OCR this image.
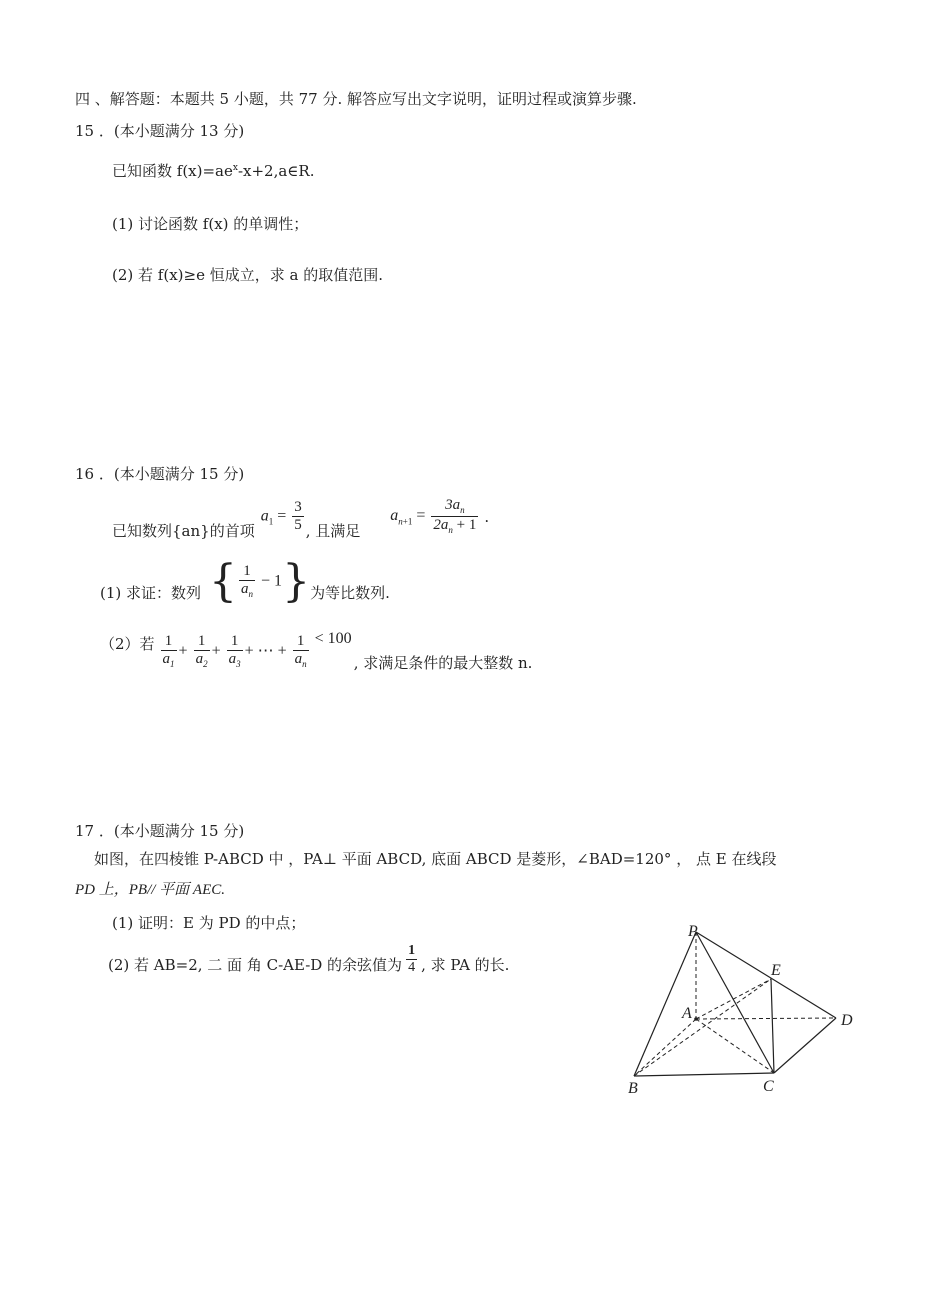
四 、解答题：本题共 5 小题，共 77 分. 解答应写出文字说明，证明过程或演算步骤.
15 ．(本小题满分 13 分)
已知函数 $f(x)=ae^x-x+2,a\in R$.
(1) 讨论函数 f(x) 的单调性；
(2) 若 f(x)≥e 恒成立，求 a 的取值范围.
16 ．(本小题满分 15 分)
已知数列{an}的首项
$a_1 = \frac{3}{5}$ , 且满足
$a_{n+1} = \frac{3a_n}{2a_n + 1}$ .
(1) 求证：数列 { $\frac{1}{a_n} - 1$ } 为等比数列.
（2）若 $\frac{1}{a_1} + \frac{1}{a_2} + \frac{1}{a_3}$ + ⋯ + $\frac{1}{a_n} < 100$
, 求满足条件的最大整数 n.
17 ．(本小题满分 15 分)
如图，在四棱锥 P-ABCD 中 ，PA⊥ 平面 ABCD, 底面 ABCD 是菱形，∠BAD=120° ， 点 E 在线段
PD 上，PB// 平面 AEC.
(1) 证明：E 为 PD 的中点；
(2) 若 AB=2, 二 面 角 C-AE-D 的余弦值为 $\frac{1}{4}$ , 求 PA 的长.
P
E
A	D
B	C
